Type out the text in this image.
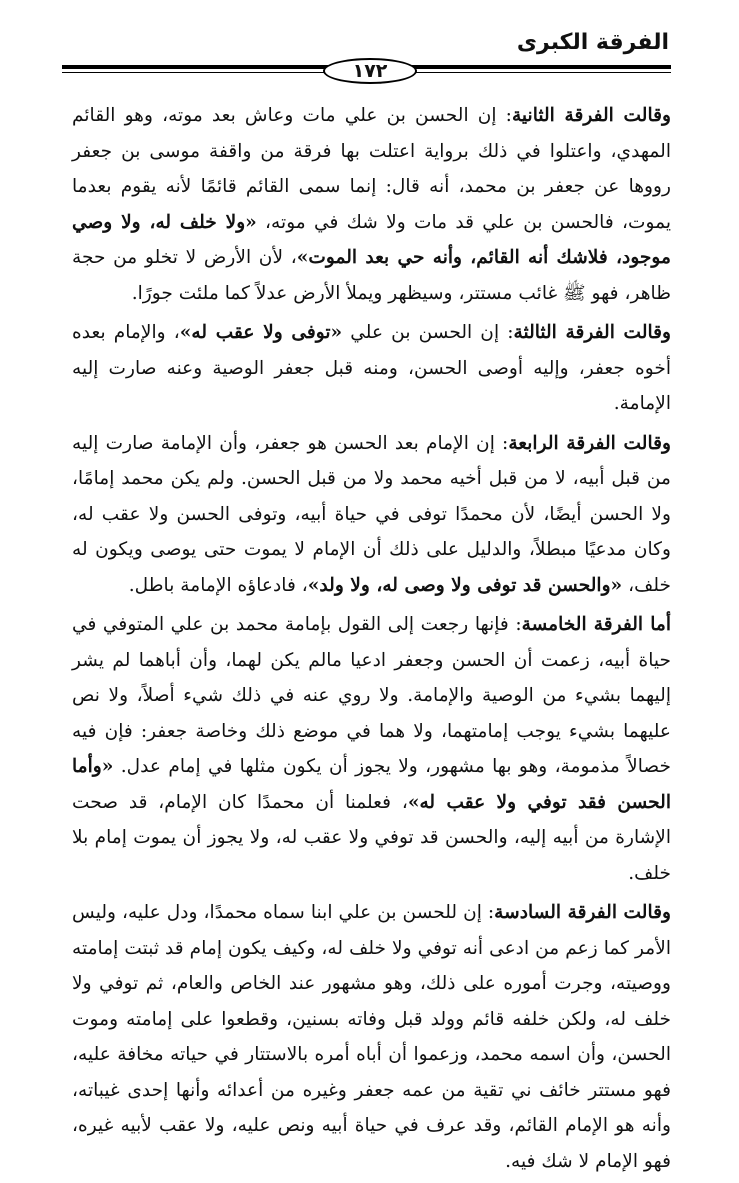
الفرقة الكبرى
١٧٢

وقالت الفرقة الثانية: إن الحسن بن علي مات وعاش بعد موته، وهو القائم المهدي، واعتلوا في ذلك برواية اعتلت بها فرقة من واقفة موسى بن جعفر رووها عن جعفر بن محمد، أنه قال: إنما سمى القائم قائمًا لأنه يقوم بعدما يموت، فالحسن بن علي قد مات ولا شك في موته، «ولا خلف له، ولا وصي موجود، فلاشك أنه القائم، وأنه حي بعد الموت»، لأن الأرض لا تخلو من حجة ظاهر، فهو ﷺ غائب مستتر، وسيظهر ويملأ الأرض عدلاً كما ملئت جورًا.

وقالت الفرقة الثالثة: إن الحسن بن علي «توفى ولا عقب له»، والإمام بعده أخوه جعفر، وإليه أوصى الحسن، ومنه قبل جعفر الوصية وعنه صارت إليه الإمامة.

وقالت الفرقة الرابعة: إن الإمام بعد الحسن هو جعفر، وأن الإمامة صارت إليه من قبل أبيه، لا من قبل أخيه محمد ولا من قبل الحسن. ولم يكن محمد إمامًا، ولا الحسن أيضًا، لأن محمدًا توفى في حياة أبيه، وتوفى الحسن ولا عقب له، وكان مدعيًا مبطلاً، والدليل على ذلك أن الإمام لا يموت حتى يوصى ويكون له خلف، «والحسن قد توفى ولا وصى له، ولا ولد»، فادعاؤه الإمامة باطل.

أما الفرقة الخامسة: فإنها رجعت إلى القول بإمامة محمد بن علي المتوفي في حياة أبيه، زعمت أن الحسن وجعفر ادعيا مالم يكن لهما، وأن أباهما لم يشر إليهما بشيء من الوصية والإمامة. ولا روي عنه في ذلك شيء أصلاً، ولا نص عليهما بشيء يوجب إمامتهما، ولا هما في موضع ذلك وخاصة جعفر: فإن فيه خصالاً مذمومة، وهو بها مشهور، ولا يجوز أن يكون مثلها في إمام عدل. «وأما الحسن فقد توفي ولا عقب له»، فعلمنا أن محمدًا كان الإمام، قد صحت الإشارة من أبيه إليه، والحسن قد توفي ولا عقب له، ولا يجوز أن يموت إمام بلا خلف.

وقالت الفرقة السادسة: إن للحسن بن علي ابنا سماه محمدًا، ودل عليه، وليس الأمر كما زعم من ادعى أنه توفي ولا خلف له، وكيف يكون إمام قد ثبتت إمامته ووصيته، وجرت أموره على ذلك، وهو مشهور عند الخاص والعام، ثم توفي ولا خلف له، ولكن خلفه قائم وولد قبل وفاته بسنين، وقطعوا على إمامته وموت الحسن، وأن اسمه محمد، وزعموا أن أباه أمره بالاستتار في حياته مخافة عليه، فهو مستتر خائف ني تقية من عمه جعفر وغيره من أعدائه وأنها إحدى غيباته، وأنه هو الإمام القائم، وقد عرف في حياة أبيه ونص عليه، ولا عقب لأبيه غيره، فهو الإمام لا شك فيه.
